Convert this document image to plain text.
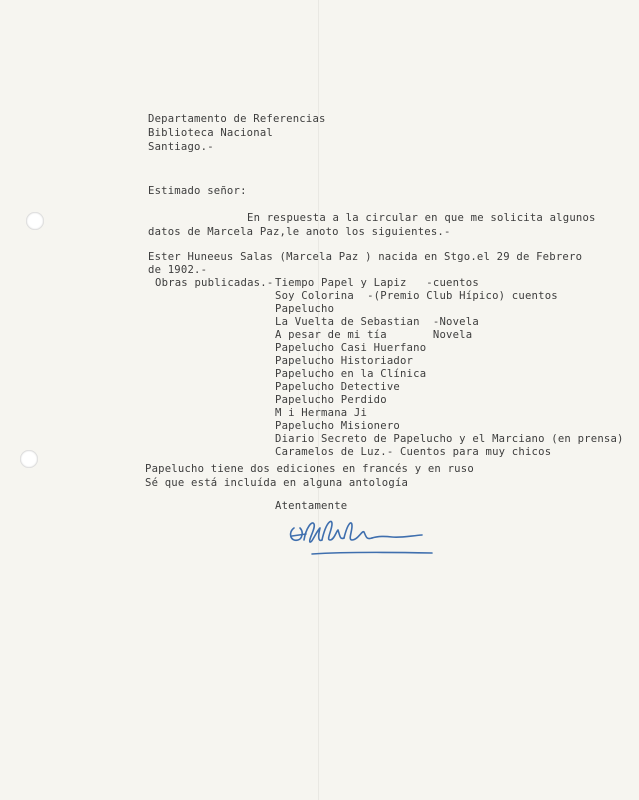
Departamento de Referencias
Biblioteca Nacional
Santiago.-
Estimado señor:
En respuesta a la circular en que me solicita algunos
datos de Marcela Paz,le anoto los siguientes.-
Ester Huneeus Salas (Marcela Paz ) nacida en Stgo.el 29 de Febrero
de 1902.-
Obras publicadas.- Tiempo Papel y Lapiz   -cuentos
Soy Colorina  -(Premio Club Hípico) cuentos
Papelucho
La Vuelta de Sebastian  -Novela
A pesar de mi tía       Novela
Papelucho Casi Huerfano
Papelucho Historiador
Papelucho en la Clínica
Papelucho Detective
Papelucho Perdido
M i Hermana Ji
Papelucho Misionero
Diario Secreto de Papelucho y el Marciano (en prensa)
Caramelos de Luz.- Cuentos para muy chicos
Papelucho tiene dos ediciones en francés y en ruso
Sé que está incluída en alguna antología
Atentamente
